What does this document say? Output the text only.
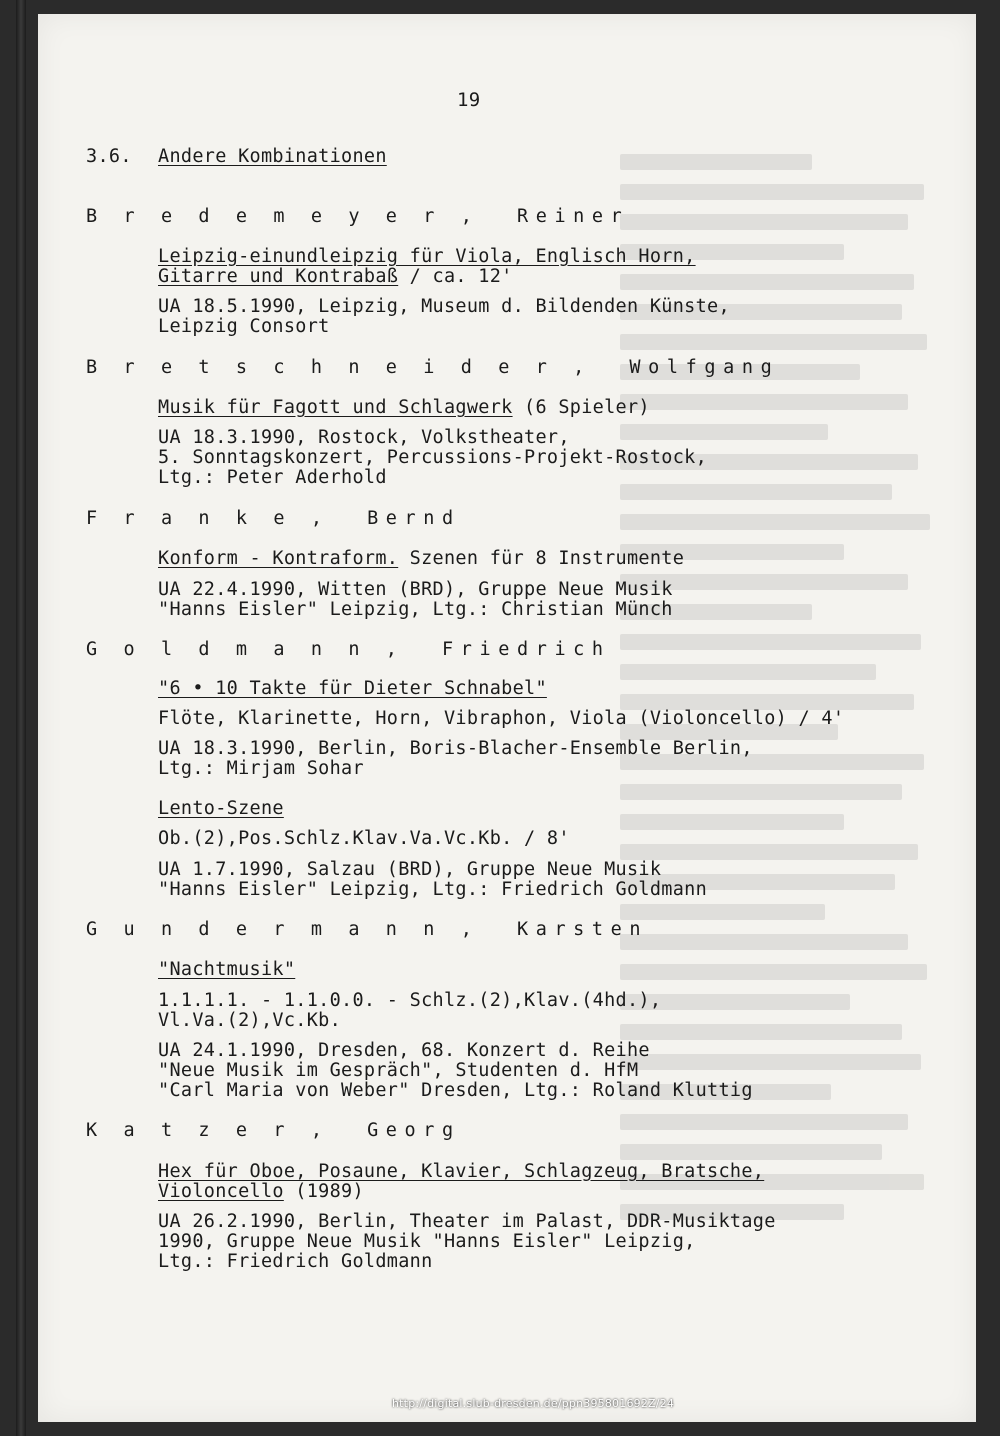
19
3.6. Andere Kombinationen
B r e d e m e y e r ,  Reiner
Leipzig-einundleipzig für Viola, Englisch Horn,
Gitarre und Kontrabaß / ca. 12'
UA 18.5.1990, Leipzig, Museum d. Bildenden Künste,
Leipzig Consort
B r e t s c h n e i d e r ,  Wolfgang
Musik für Fagott und Schlagwerk (6 Spieler)
UA 18.3.1990, Rostock, Volkstheater,
5. Sonntagskonzert, Percussions-Projekt-Rostock,
Ltg.: Peter Aderhold
F r a n k e ,  Bernd
Konform - Kontraform. Szenen für 8 Instrumente
UA 22.4.1990, Witten (BRD), Gruppe Neue Musik
"Hanns Eisler" Leipzig, Ltg.: Christian Münch
G o l d m a n n ,  Friedrich
"6 • 10 Takte für Dieter Schnabel"
Flöte, Klarinette, Horn, Vibraphon, Viola (Violoncello) / 4'
UA 18.3.1990, Berlin, Boris-Blacher-Ensemble Berlin,
Ltg.: Mirjam Sohar
Lento-Szene
Ob.(2),Pos.Schlz.Klav.Va.Vc.Kb. / 8'
UA 1.7.1990, Salzau (BRD), Gruppe Neue Musik
"Hanns Eisler" Leipzig, Ltg.: Friedrich Goldmann
G u n d e r m a n n ,  Karsten
"Nachtmusik"
1.1.1.1. - 1.1.0.0. - Schlz.(2),Klav.(4hd.),
Vl.Va.(2),Vc.Kb.
UA 24.1.1990, Dresden, 68. Konzert d. Reihe
"Neue Musik im Gespräch", Studenten d. HfM
"Carl Maria von Weber" Dresden, Ltg.: Roland Kluttig
K a t z e r ,  Georg
Hex für Oboe, Posaune, Klavier, Schlagzeug, Bratsche,
Violoncello (1989)
UA 26.2.1990, Berlin, Theater im Palast, DDR-Musiktage
1990, Gruppe Neue Musik "Hanns Eisler" Leipzig,
Ltg.: Friedrich Goldmann
http://digital.slub-dresden.de/ppn395801692Z/24
